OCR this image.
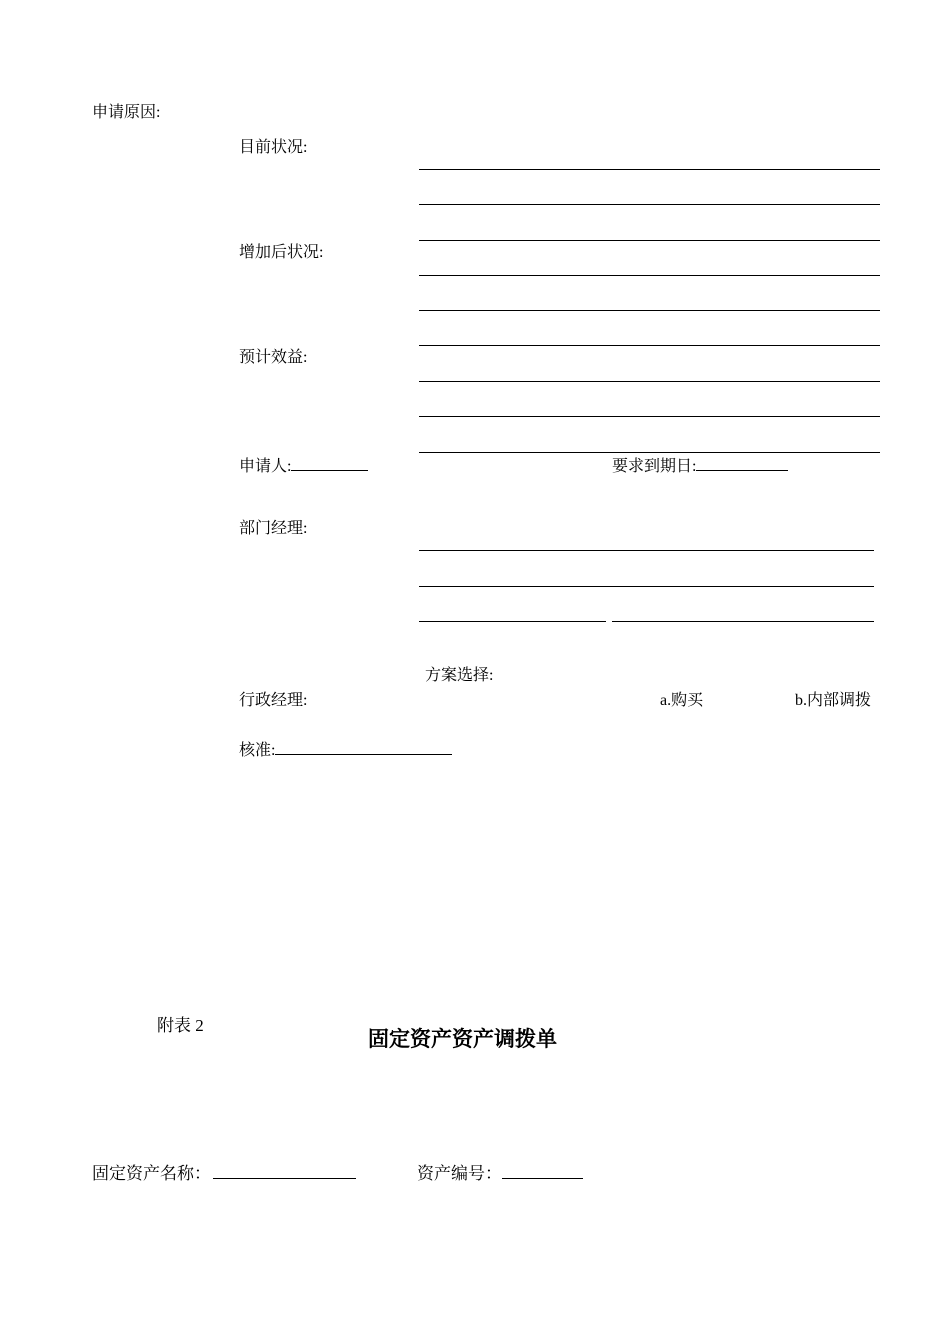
申请原因:
目前状况:
增加后状况:
预计效益:
申请人:	要求到期日:
部门经理:
方案选择:
行政经理:	a.购买	b.内部调拨
核准:
附表 2
固定资产资产调拨单
固定资产名称：	资产编号：
